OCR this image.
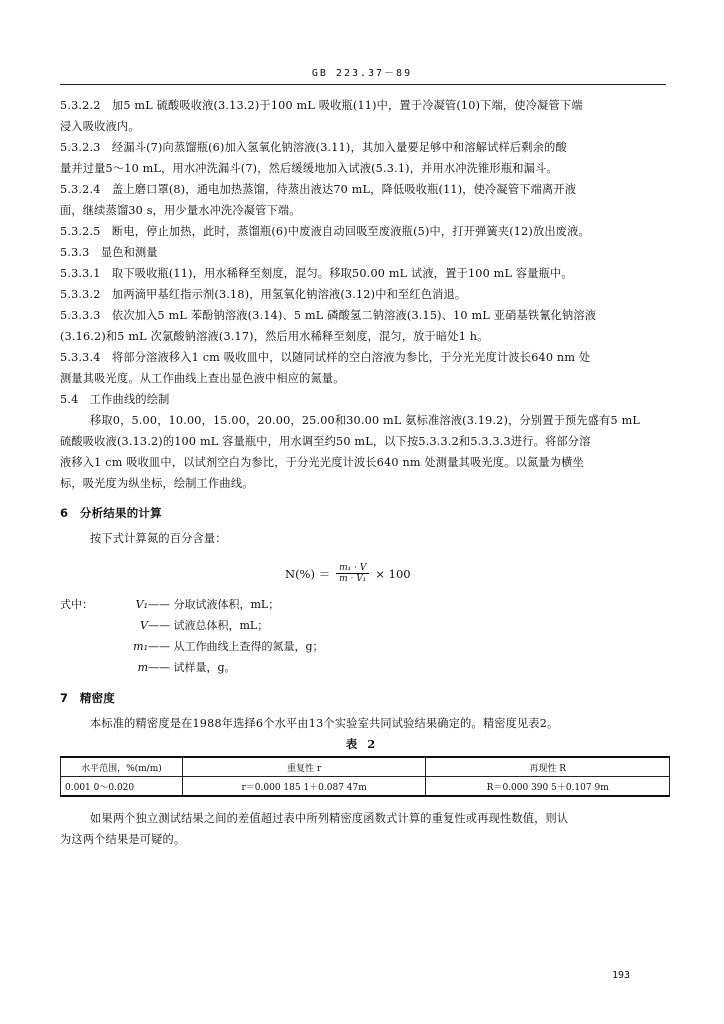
GB 223.37－89
5.3.2.2　加5 mL 硫酸吸收液(3.13.2)于100 mL 吸收瓶(11)中，置于冷凝管(10)下端，使冷凝管下端
浸入吸收液内。
5.3.2.3　经漏斗(7)向蒸馏瓶(6)加入氢氧化钠溶液(3.11)，其加入量要足够中和溶解试样后剩余的酸
量并过量5～10 mL，用水冲洗漏斗(7)，然后缓缓地加入试液(5.3.1)，并用水冲洗锥形瓶和漏斗。
5.3.2.4　盖上磨口罩(8)，通电加热蒸馏，待蒸出液达70 mL，降低吸收瓶(11)，使冷凝管下端离开液
面，继续蒸馏30 s，用少量水冲洗冷凝管下端。
5.3.2.5　断电，停止加热，此时，蒸馏瓶(6)中废液自动回吸至废液瓶(5)中，打开弹簧夹(12)放出废液。
5.3.3　显色和测量
5.3.3.1　取下吸收瓶(11)，用水稀释至刻度，混匀。移取50.00 mL 试液，置于100 mL 容量瓶中。
5.3.3.2　加两滴甲基红指示剂(3.18)，用氢氧化钠溶液(3.12)中和至红色消退。
5.3.3.3　依次加入5 mL 苯酚钠溶液(3.14)、5 mL 磷酸氢二钠溶液(3.15)、10 mL 亚硝基铁氰化钠溶液
(3.16.2)和5 mL 次氯酸钠溶液(3.17)，然后用水稀释至刻度，混匀，放于暗处1 h。
5.3.3.4　将部分溶液移入1 cm 吸收皿中，以随同试样的空白溶液为参比，于分光光度计波长640 nm 处
测量其吸光度。从工作曲线上查出显色液中相应的氮量。
5.4　工作曲线的绘制
移取0，5.00，10.00，15.00，20.00，25.00和30.00 mL 氨标准溶液(3.19.2)，分别置于预先盛有5 mL
硫酸吸收液(3.13.2)的100 mL 容量瓶中，用水调至约50 mL，以下按5.3.3.2和5.3.3.3进行。将部分溶
液移入1 cm 吸收皿中，以试剂空白为参比，于分光光度计波长640 nm 处测量其吸光度。以氮量为横坐
标，吸光度为纵坐标，绘制工作曲线。
6　分析结果的计算
按下式计算氮的百分含量：
7　精密度
本标准的精密度是在1988年选择6个水平由13个实验室共同试验结果确定的。精密度见表2。
如果两个独立测试结果之间的差值超过表中所列精密度函数式计算的重复性或再现性数值，则认
为这两个结果是可疑的。
$N(\%) = \frac{\text{m₁ · V}}{\text{m · V₁}} \times 100$
式中：	V₁—— 分取试液体积，mL；
V—— 试液总体积，mL；
m₁—— 从工作曲线上查得的氮量，g；
m—— 试样量，g。
表 2
水平范围，%(m/m)	重复性 r	再现性 R
0.001 0～0.020	r＝0.000 185 1＋0.087 47m	R＝0.000 390 5＋0.107 9m
193
